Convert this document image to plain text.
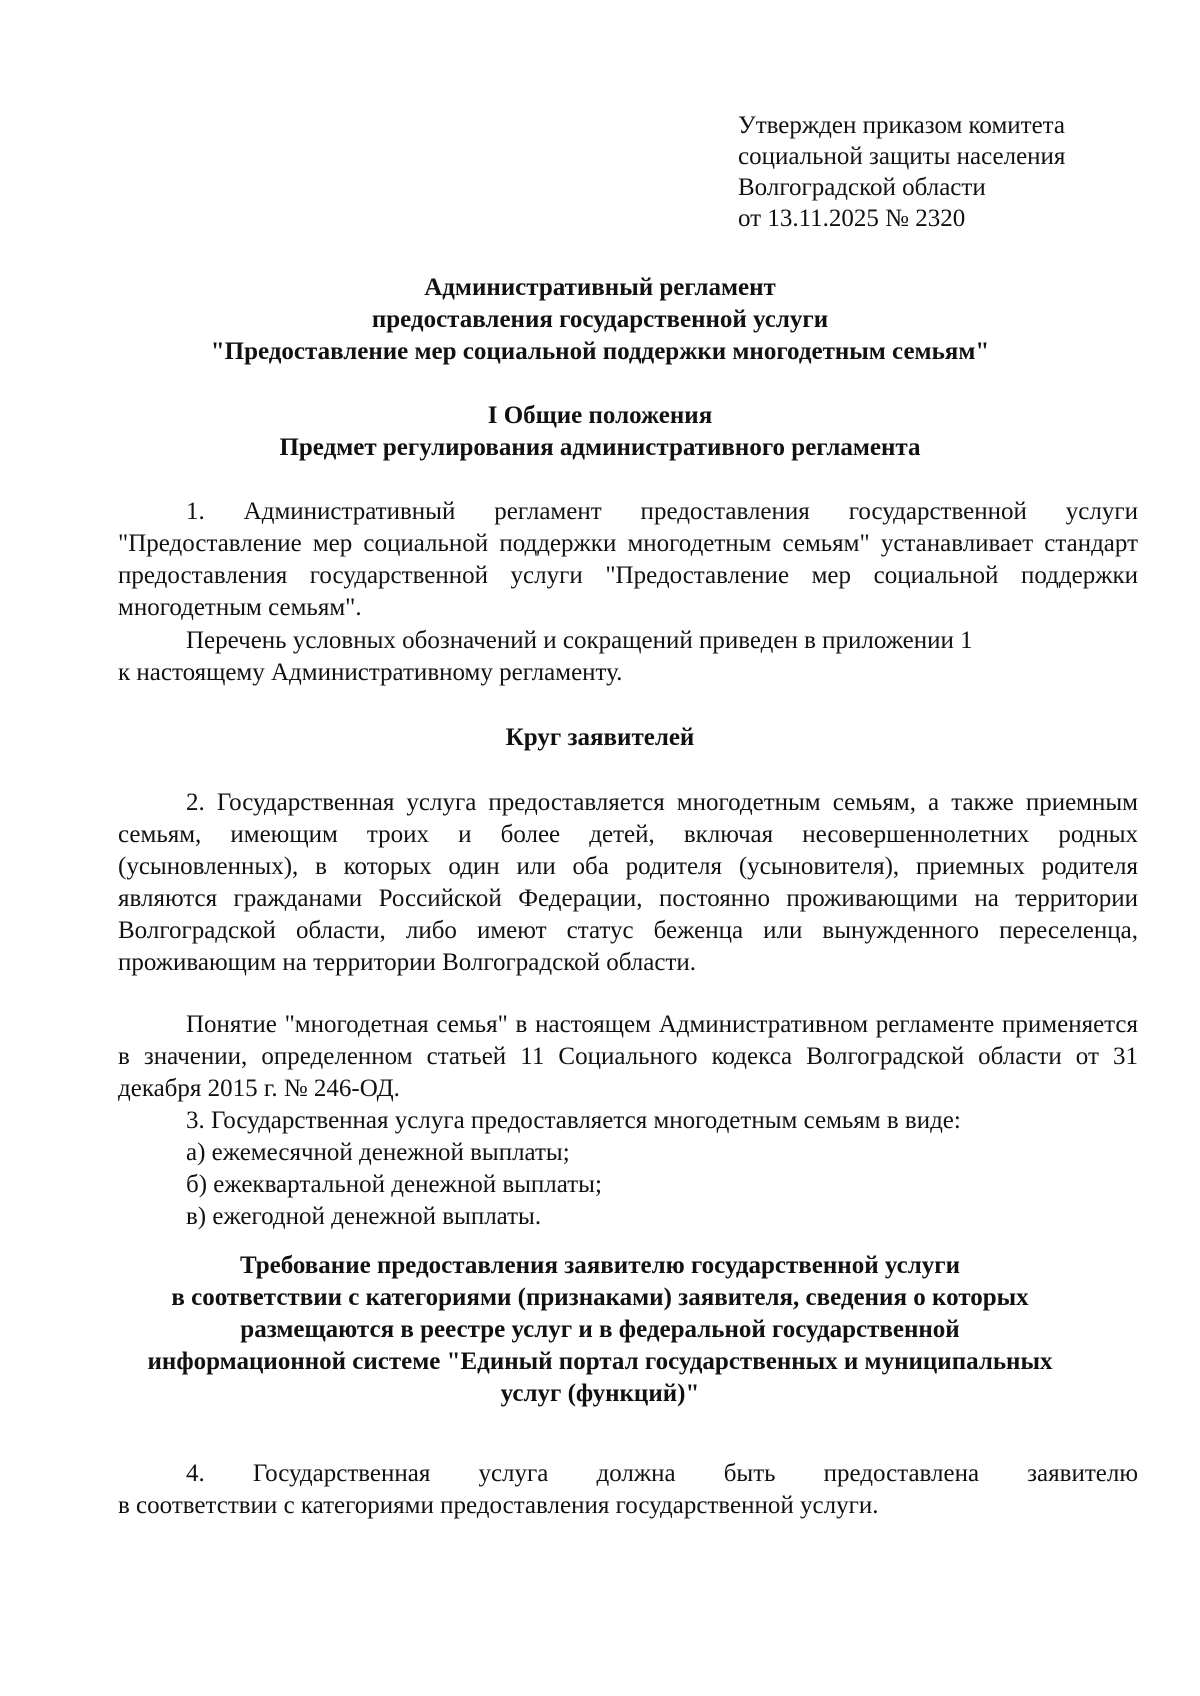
Утвержден приказом комитета
социальной защиты населения
Волгоградской области
от 13.11.2025 № 2320
Административный регламент
предоставления государственной услуги
"Предоставление мер социальной поддержки многодетным семьям"
I Общие положения
Предмет регулирования административного регламента
1. Административный регламент предоставления государственной услуги "Предоставление мер социальной поддержки многодетным семьям" устанавливает стандарт предоставления государственной услуги "Предоставление мер социальной поддержки многодетным семьям".
Перечень условных обозначений и сокращений приведен в приложении 1
к настоящему Административному регламенту.
Круг заявителей
2. Государственная услуга предоставляется многодетным семьям, а также приемным семьям, имеющим троих и более детей, включая несовершеннолетних родных (усыновленных), в которых один или оба родителя (усыновителя), приемных родителя являются гражданами Российской Федерации, постоянно проживающими на территории Волгоградской области, либо имеют статус беженца или вынужденного переселенца, проживающим на территории Волгоградской области.
Понятие "многодетная семья" в настоящем Административном регламенте применяется в значении, определенном статьей 11 Социального кодекса Волгоградской области от 31 декабря 2015 г. № 246-ОД.
3. Государственная услуга предоставляется многодетным семьям в виде:
а) ежемесячной денежной выплаты;
б) ежеквартальной денежной выплаты;
в) ежегодной денежной выплаты.
Требование предоставления заявителю государственной услуги
в соответствии с категориями (признаками) заявителя, сведения о которых
размещаются в реестре услуг и в федеральной государственной
информационной системе "Единый портал государственных и муниципальных
услуг (функций)"
4. Государственная услуга должна быть предоставлена заявителю
в соответствии с категориями предоставления государственной услуги.
